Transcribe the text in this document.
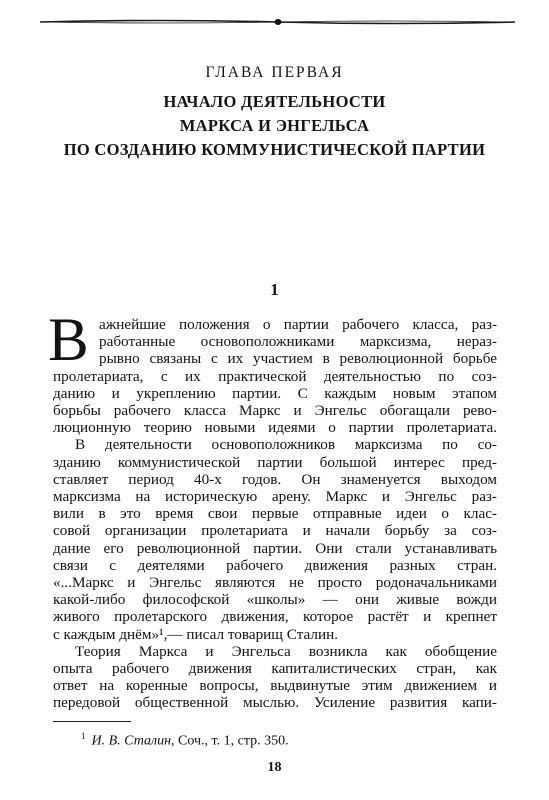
ГЛАВА ПЕРВАЯ
НАЧАЛО ДЕЯТЕЛЬНОСТИ
МАРКСА И ЭНГЕЛЬСА
ПО СОЗДАНИЮ КОММУНИСТИЧЕСКОЙ ПАРТИИ
1
В ажнейшие положения о партии рабочего класса, раз-
работанные основоположниками марксизма, нераз-
рывно связаны с их участием в революционной борьбе
пролетариата, с их практической деятельностью по соз-
данию и укреплению партии. С каждым новым этапом
борьбы рабочего класса Маркс и Энгельс обогащали рево-
люционную теорию новыми идеями о партии пролетариата.
В деятельности основоположников марксизма по со-
зданию коммунистической партии большой интерес пред-
ставляет период 40-х годов. Он знаменуется выходом
марксизма на историческую арену. Маркс и Энгельс раз-
вили в это время свои первые отправные идеи о клас-
совой организации пролетариата и начали борьбу за соз-
дание его революционной партии. Они стали устанавливать
связи с деятелями рабочего движения разных стран.
«...Маркс и Энгельс являются не просто родоначальниками
какой-либо философской «школы» — они живые вожди
живого пролетарского движения, которое растёт и крепнет
с каждым днём»¹,— писал товарищ Сталин.
Теория Маркса и Энгельса возникла как обобщение
опыта рабочего движения капиталистических стран, как
$^1$ И. В. Сталин, Соч., т. 1, стр. 350.
18
ответ на коренные вопросы, выдвинутые этим движением и
передовой общественной мыслью. Усиление развития капи-
